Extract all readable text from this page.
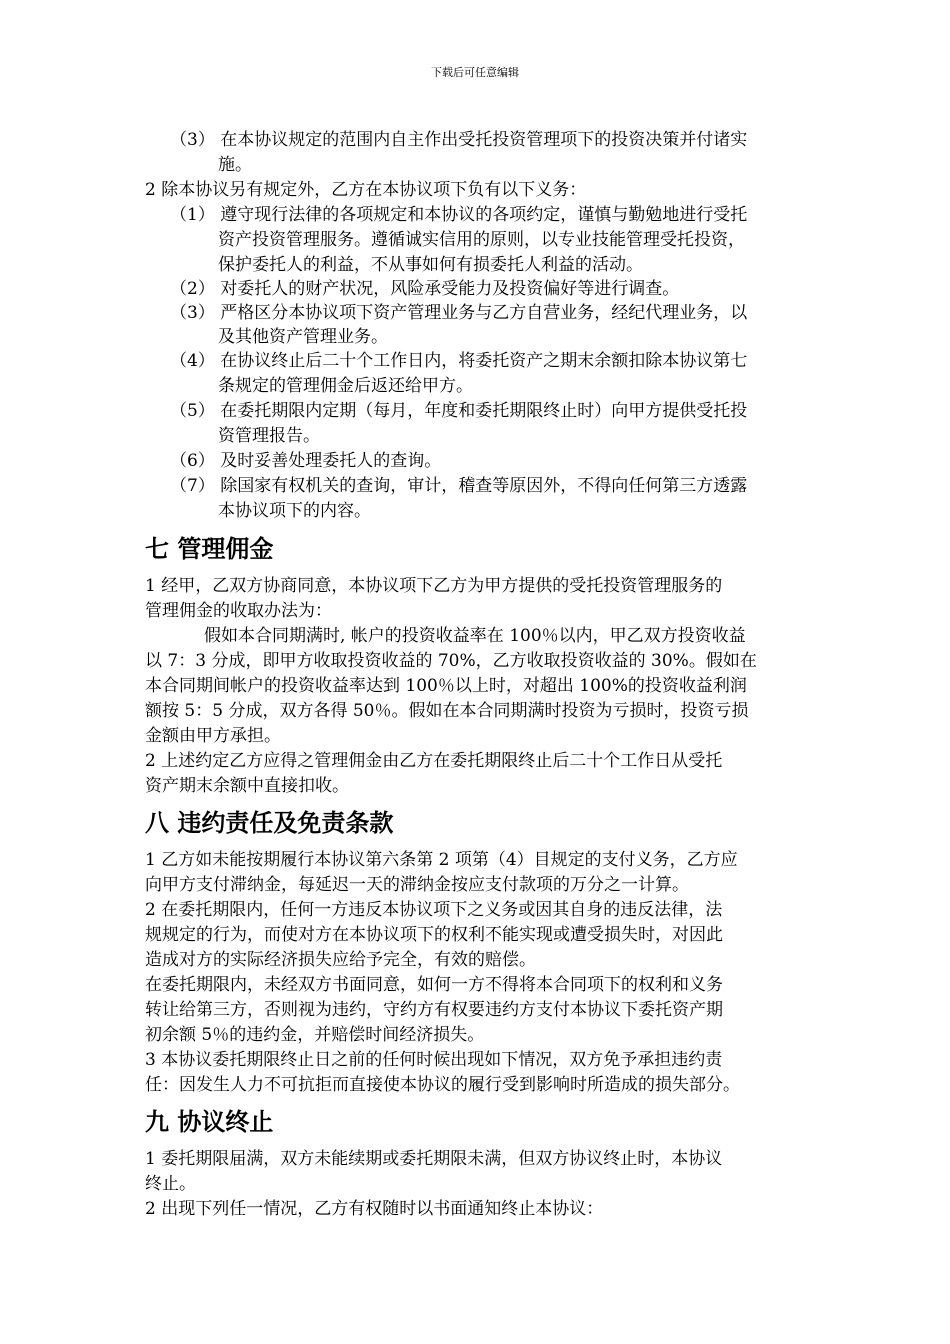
下载后可任意编辑
（3） 在本协议规定的范围内自主作出受托投资管理项下的投资决策并付诸实
施。
2 除本协议另有规定外，乙方在本协议项下负有以下义务：
（1） 遵守现行法律的各项规定和本协议的各项约定，谨慎与勤勉地进行受托
资产投资管理服务。遵循诚实信用的原则，以专业技能管理受托投资，
保护委托人的利益，不从事如何有损委托人利益的活动。
（2） 对委托人的财产状况，风险承受能力及投资偏好等进行调查。
（3） 严格区分本协议项下资产管理业务与乙方自营业务，经纪代理业务，以
及其他资产管理业务。
（4） 在协议终止后二十个工作日内，将委托资产之期末余额扣除本协议第七
条规定的管理佣金后返还给甲方。
（5） 在委托期限内定期（每月，年度和委托期限终止时）向甲方提供受托投
资管理报告。
（6） 及时妥善处理委托人的查询。
（7） 除国家有权机关的查询，审计，稽查等原因外，不得向任何第三方透露
本协议项下的内容。
七 管理佣金
1 经甲，乙双方协商同意，本协议项下乙方为甲方提供的受托投资管理服务的
管理佣金的收取办法为：
假如本合同期满时, 帐户的投资收益率在 100％以内，甲乙双方投资收益
以 7：3 分成，即甲方收取投资收益的 70%，乙方收取投资收益的 30%。假如在
本合同期间帐户的投资收益率达到 100％以上时，对超出 100%的投资收益利润
额按 5：5 分成，双方各得 50％。假如在本合同期满时投资为亏损时，投资亏损
金额由甲方承担。
2 上述约定乙方应得之管理佣金由乙方在委托期限终止后二十个工作日从受托
资产期末余额中直接扣收。
八 违约责任及免责条款
1 乙方如未能按期履行本协议第六条第 2 项第（4）目规定的支付义务，乙方应
向甲方支付滞纳金，每延迟一天的滞纳金按应支付款项的万分之一计算。
2 在委托期限内，任何一方违反本协议项下之义务或因其自身的违反法律，法
规规定的行为，而使对方在本协议项下的权利不能实现或遭受损失时，对因此
造成对方的实际经济损失应给予完全，有效的赔偿。
在委托期限内，未经双方书面同意，如何一方不得将本合同项下的权利和义务
转让给第三方，否则视为违约，守约方有权要违约方支付本协议下委托资产期
初余额 5％的违约金，并赔偿时间经济损失。
3 本协议委托期限终止日之前的任何时候出现如下情况，双方免予承担违约责
任：因发生人力不可抗拒而直接使本协议的履行受到影响时所造成的损失部分。
九 协议终止
1 委托期限届满，双方未能续期或委托期限未满，但双方协议终止时，本协议
终止。
2 出现下列任一情况，乙方有权随时以书面通知终止本协议：
